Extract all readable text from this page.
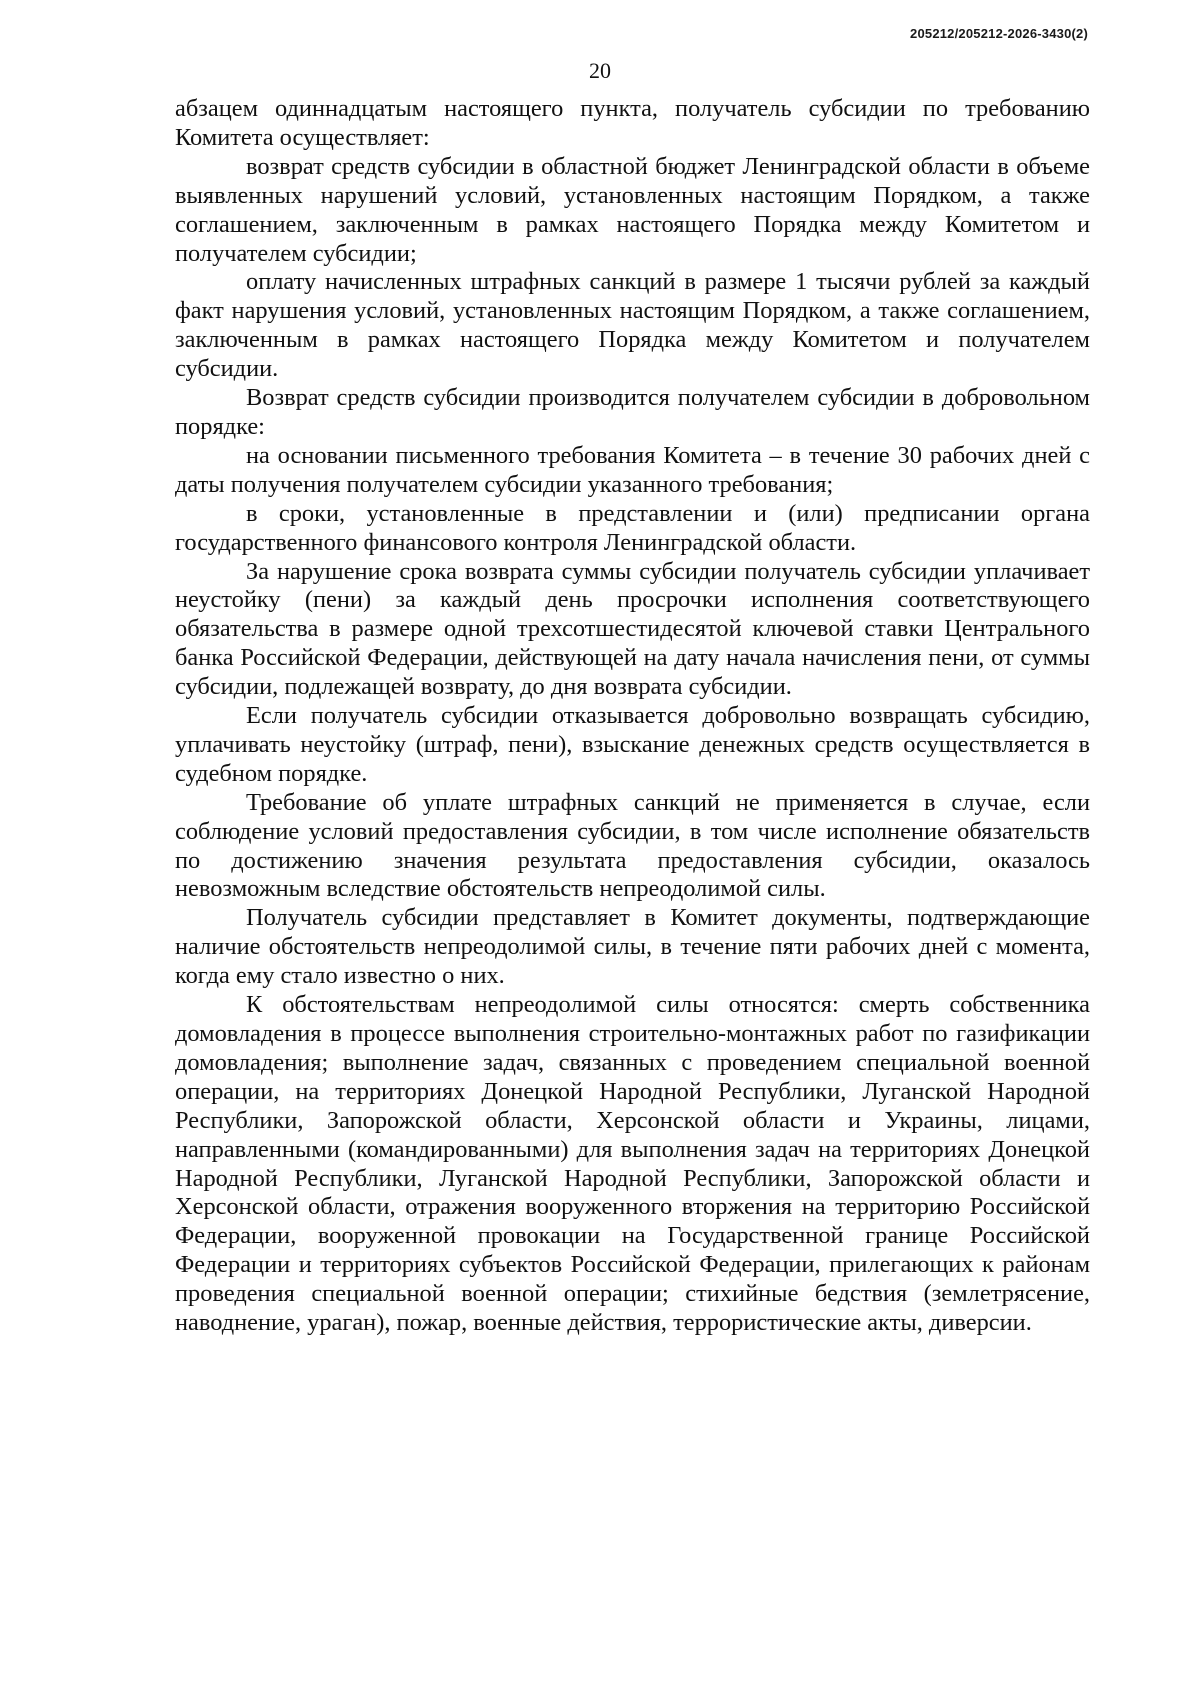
205212/205212-2026-3430(2)
20

абзацем одиннадцатым настоящего пункта, получатель субсидии по требованию Комитета осуществляет:

возврат средств субсидии в областной бюджет Ленинградской области в объеме выявленных нарушений условий, установленных настоящим Порядком, а также соглашением, заключенным в рамках настоящего Порядка между Комитетом и получателем субсидии;

оплату начисленных штрафных санкций в размере 1 тысячи рублей за каждый факт нарушения условий, установленных настоящим Порядком, а также соглашением, заключенным в рамках настоящего Порядка между Комитетом и получателем субсидии.

Возврат средств субсидии производится получателем субсидии в добровольном порядке:

на основании письменного требования Комитета – в течение 30 рабочих дней с даты получения получателем субсидии указанного требования;

в сроки, установленные в представлении и (или) предписании органа государственного финансового контроля Ленинградской области.

За нарушение срока возврата суммы субсидии получатель субсидии уплачивает неустойку (пени) за каждый день просрочки исполнения соответствующего обязательства в размере одной трехсотшестидесятой ключевой ставки Центрального банка Российской Федерации, действующей на дату начала начисления пени, от суммы субсидии, подлежащей возврату, до дня возврата субсидии.

Если получатель субсидии отказывается добровольно возвращать субсидию, уплачивать неустойку (штраф, пени), взыскание денежных средств осуществляется в судебном порядке.

Требование об уплате штрафных санкций не применяется в случае, если соблюдение условий предоставления субсидии, в том числе исполнение обязательств по достижению значения результата предоставления субсидии, оказалось невозможным вследствие обстоятельств непреодолимой силы.

Получатель субсидии представляет в Комитет документы, подтверждающие наличие обстоятельств непреодолимой силы, в течение пяти рабочих дней с момента, когда ему стало известно о них.

К обстоятельствам непреодолимой силы относятся: смерть собственника домовладения в процессе выполнения строительно-монтажных работ по газификации домовладения; выполнение задач, связанных с проведением специальной военной операции, на территориях Донецкой Народной Республики, Луганской Народной Республики, Запорожской области, Херсонской области и Украины, лицами, направленными (командированными) для выполнения задач на территориях Донецкой Народной Республики, Луганской Народной Республики, Запорожской области и Херсонской области, отражения вооруженного вторжения на территорию Российской Федерации, вооруженной провокации на Государственной границе Российской Федерации и территориях субъектов Российской Федерации, прилегающих к районам проведения специальной военной операции; стихийные бедствия (землетрясение, наводнение, ураган), пожар, военные действия, террористические акты, диверсии.
